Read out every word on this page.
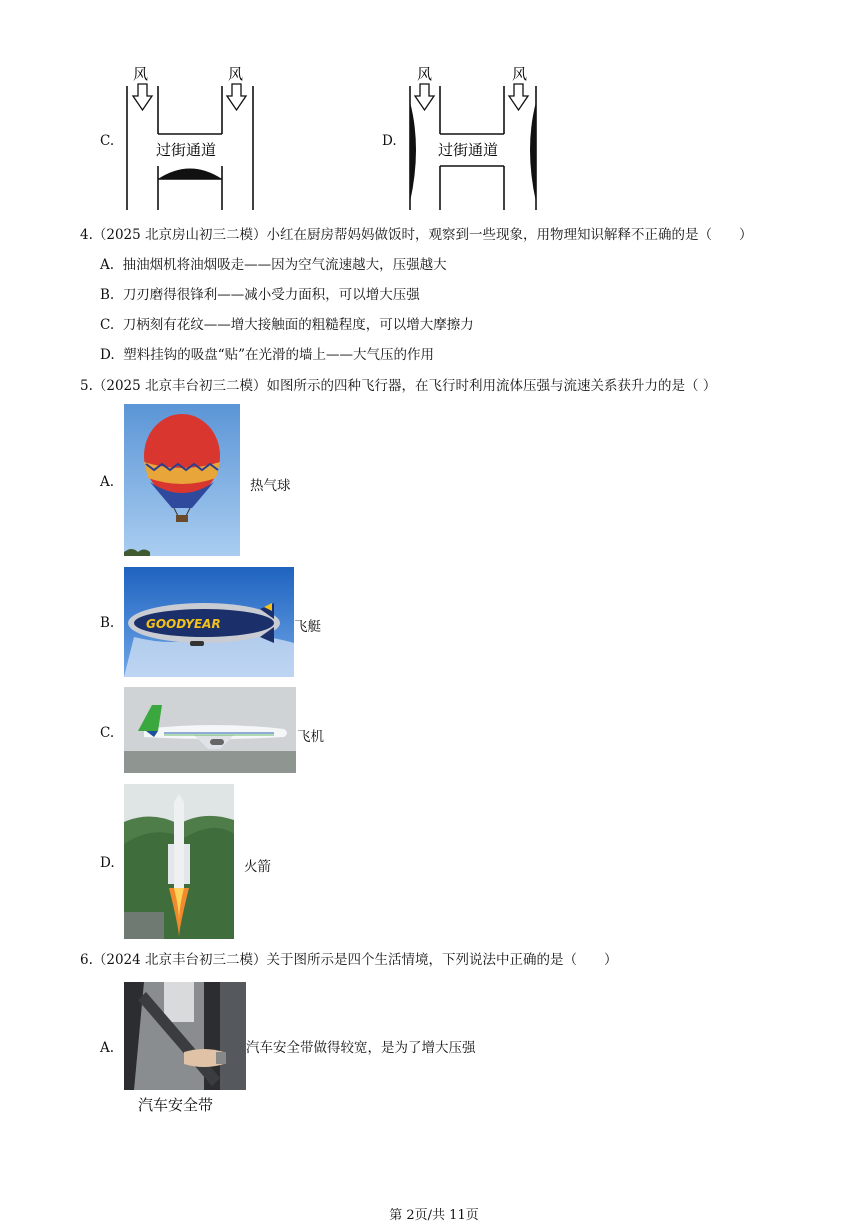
C.
风	风
过街通道	D.
风	风
过街通道
4.（2025 北京房山初三二模）小红在厨房帮妈妈做饭时，观察到一些现象，用物理知识解释不正确的是（　　）
A. 抽油烟机将油烟吸走——因为空气流速越大，压强越大
B. 刀刃磨得很锋利——减小受力面积，可以增大压强
C. 刀柄刻有花纹——增大接触面的粗糙程度，可以增大摩擦力
D. 塑料挂钩的吸盘“贴”在光滑的墙上——大气压的作用
5.（2025 北京丰台初三二模）如图所示的四种飞行器，在飞行时利用流体压强与流速关系获升力的是（ ）
A.	热气球
B.	GOODYEAR	飞艇
C.	飞机
D.	火箭
6.（2024 北京丰台初三二模）关于图所示是四个生活情境，下列说法中正确的是（　　）
A.	汽车安全带做得较宽，是为了增大压强
汽车安全带
第 2页/共 11页
